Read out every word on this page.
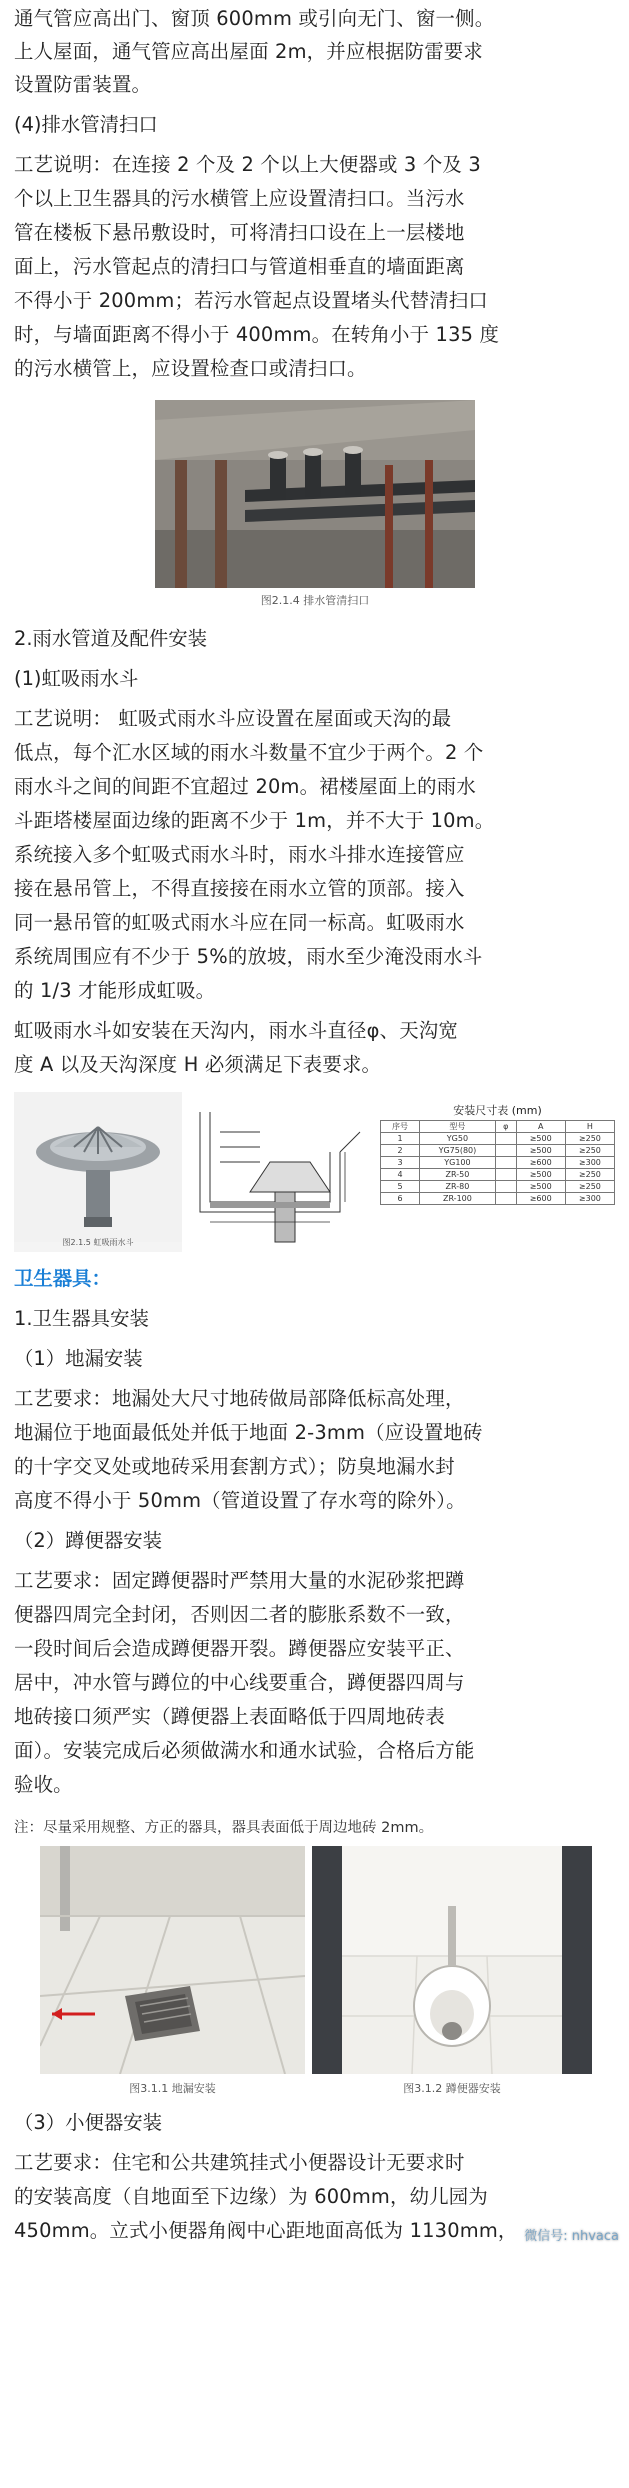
通气管应高出门、窗顶 600mm 或引向无门、窗一侧。

上人屋面，通气管应高出屋面 2m，并应根据防雷要求

设置防雷装置。

(4)排水管清扫口

工艺说明：在连接 2 个及 2 个以上大便器或 3 个及 3

个以上卫生器具的污水横管上应设置清扫口。当污水

管在楼板下悬吊敷设时，可将清扫口设在上一层楼地

面上，污水管起点的清扫口与管道相垂直的墙面距离

不得小于 200mm；若污水管起点设置堵头代替清扫口

时，与墙面距离不得小于 400mm。在转角小于 135 度

的污水横管上，应设置检查口或清扫口。

图2.1.4 排水管清扫口

2.雨水管道及配件安装

(1)虹吸雨水斗

工艺说明： 虹吸式雨水斗应设置在屋面或天沟的最

低点，每个汇水区域的雨水斗数量不宜少于两个。2 个

雨水斗之间的间距不宜超过 20m。裙楼屋面上的雨水

斗距塔楼屋面边缘的距离不少于 1m，并不大于 10m。

系统接入多个虹吸式雨水斗时，雨水斗排水连接管应

接在悬吊管上，不得直接接在雨水立管的顶部。接入

同一悬吊管的虹吸式雨水斗应在同一标高。虹吸雨水

系统周围应有不少于 5%的放坡，雨水至少淹没雨水斗

的 1/3 才能形成虹吸。

虹吸雨水斗如安装在天沟内，雨水斗直径φ、天沟宽

度 A 以及天沟深度 H 必须满足下表要求。

图2.1.5 虹吸雨水斗
安装尺寸表 (mm)
序号	型号	φ	A	H
1	YG50		≥500	≥250
2	YG75(80)		≥500	≥250
3	YG100		≥600	≥300
4	ZR-50		≥500	≥250
5	ZR-80		≥500	≥250
6	ZR-100		≥600	≥300

卫生器具：

1.卫生器具安装

（1）地漏安装

工艺要求：地漏处大尺寸地砖做局部降低标高处理，

地漏位于地面最低处并低于地面 2-3mm（应设置地砖

的十字交叉处或地砖采用套割方式）；防臭地漏水封

高度不得小于 50mm（管道设置了存水弯的除外）。

（2）蹲便器安装

工艺要求：固定蹲便器时严禁用大量的水泥砂浆把蹲

便器四周完全封闭，否则因二者的膨胀系数不一致，

一段时间后会造成蹲便器开裂。蹲便器应安装平正、

居中，冲水管与蹲位的中心线要重合，蹲便器四周与

地砖接口须严实（蹲便器上表面略低于四周地砖表

面）。安装完成后必须做满水和通水试验，合格后方能

验收。

注：尽量采用规整、方正的器具，器具表面低于周边地砖 2mm。
图3.1.1 地漏安装	图3.1.2 蹲便器安装

（3）小便器安装

工艺要求：住宅和公共建筑挂式小便器设计无要求时

的安装高度（自地面至下边缘）为 600mm，幼儿园为

450mm。立式小便器角阀中心距地面高低为 1130mm， 微信号: nhvaca
